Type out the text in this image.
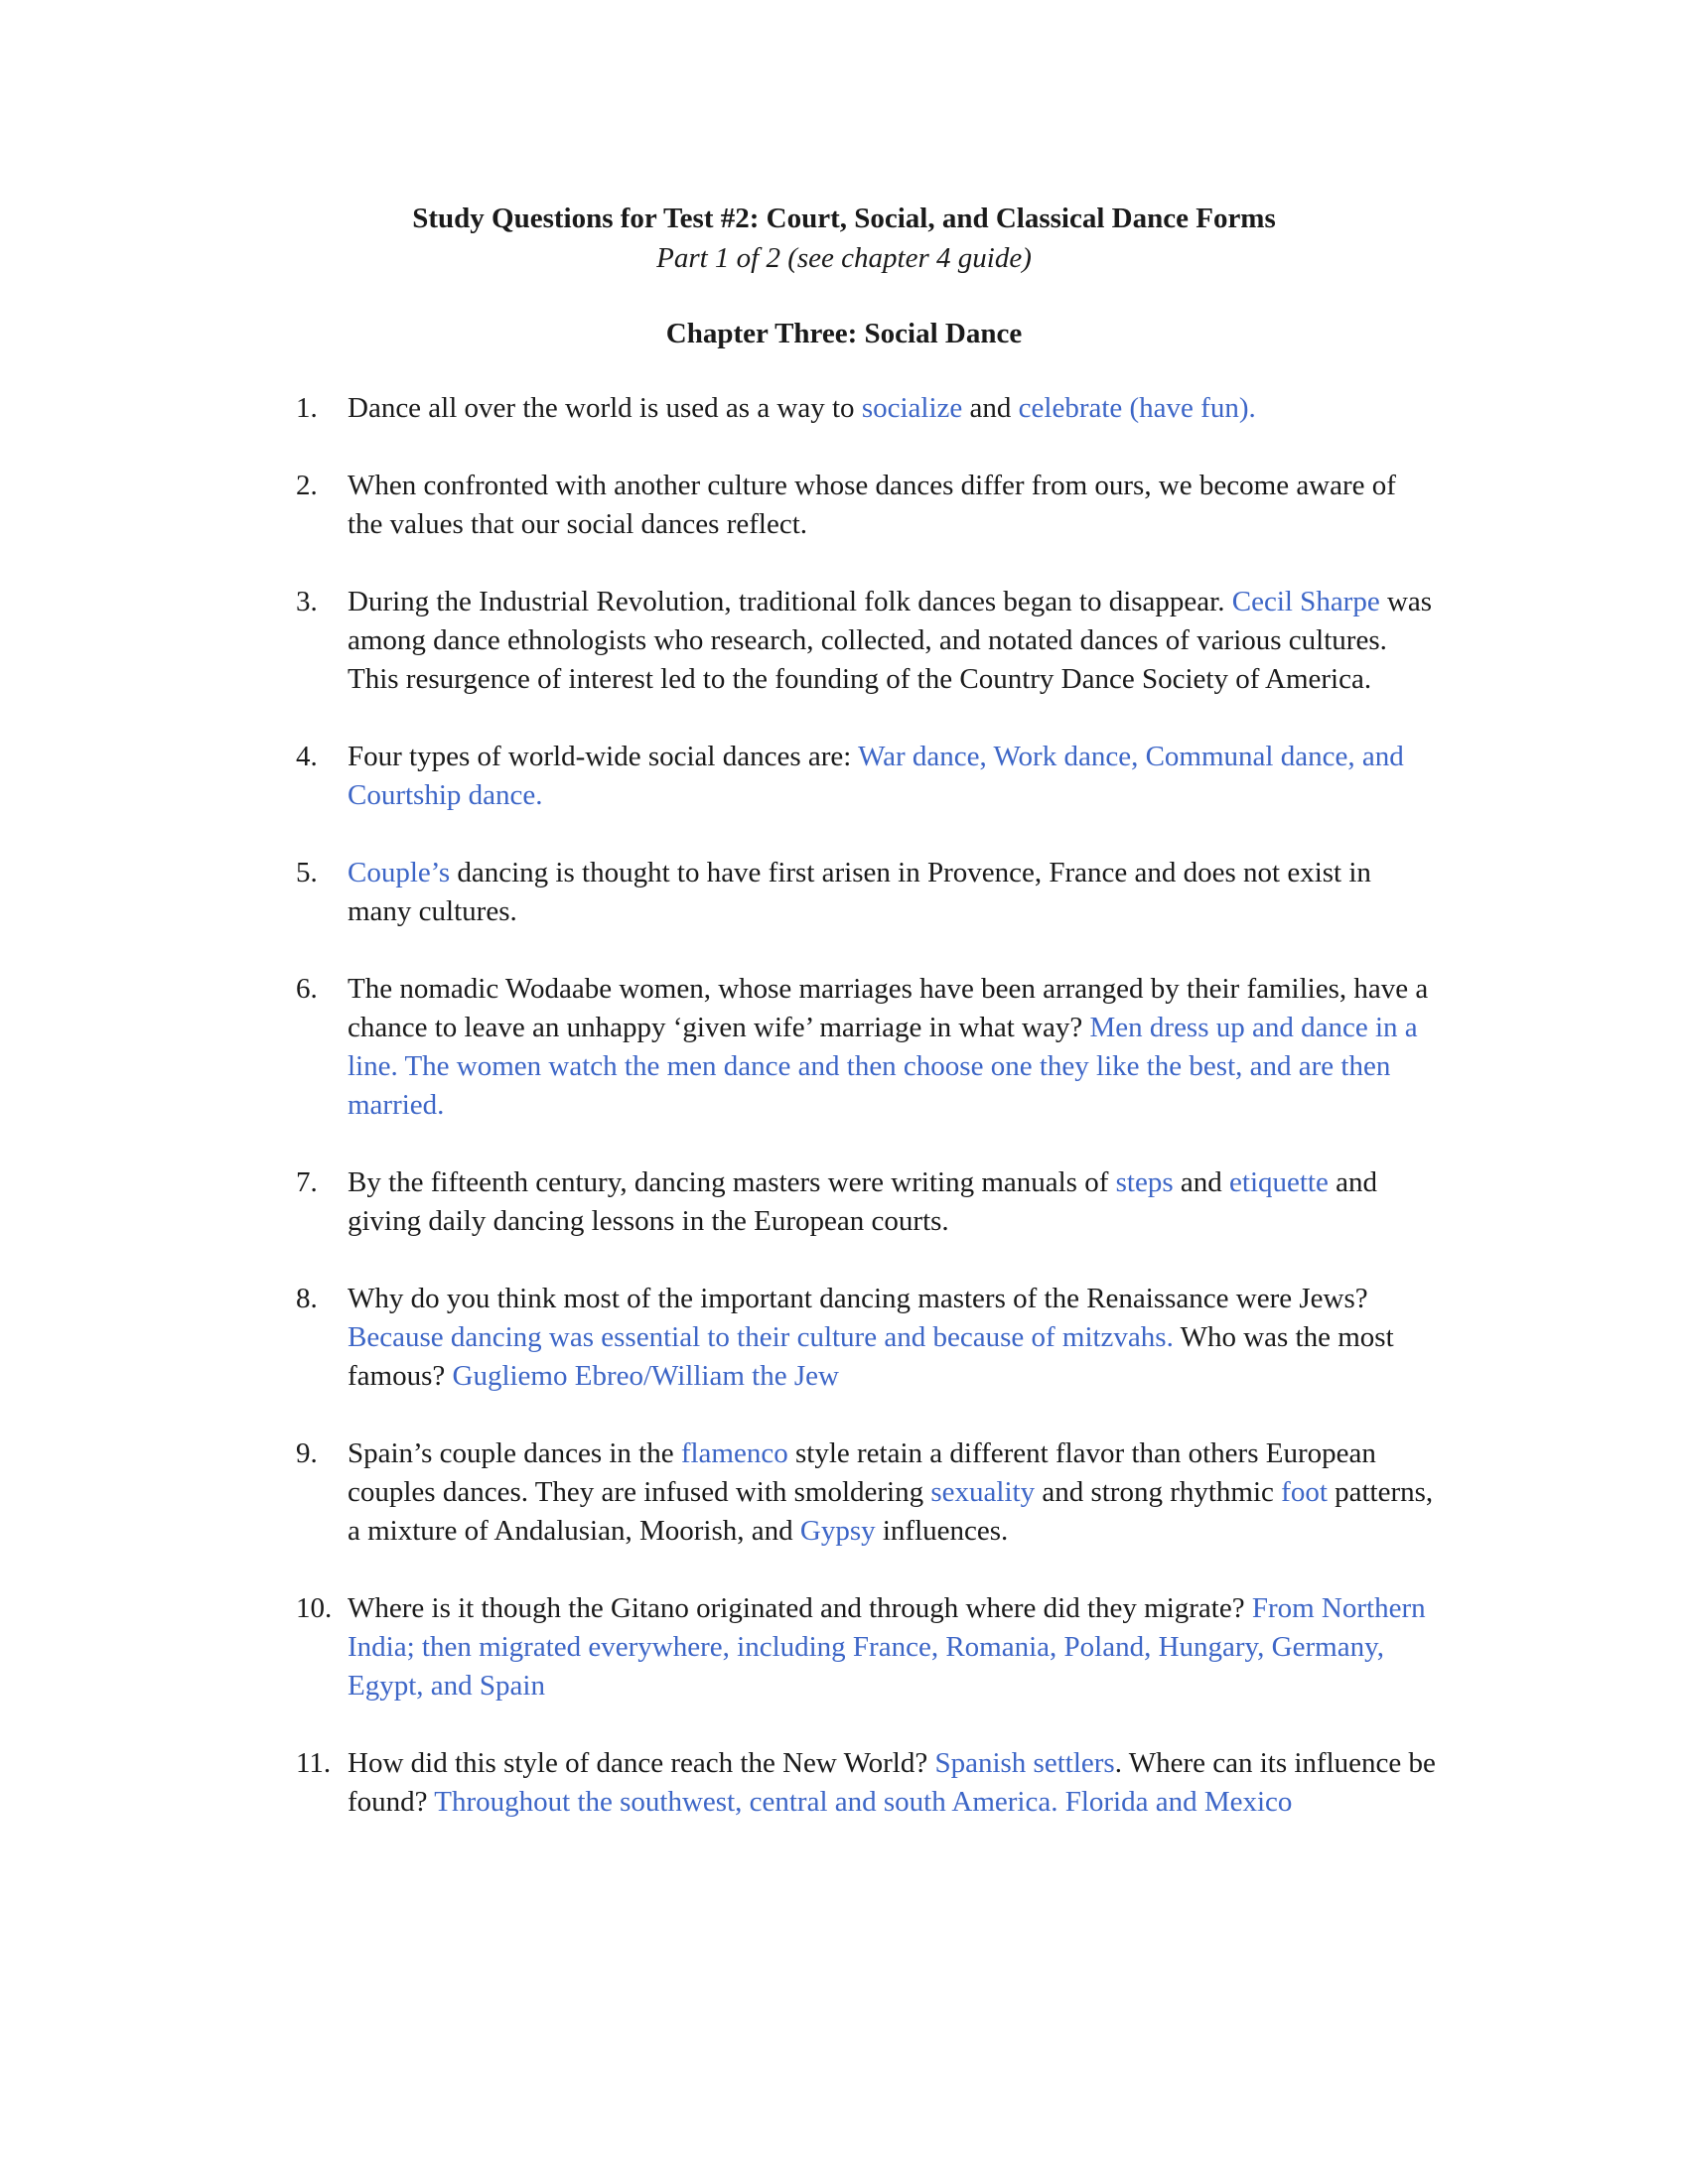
Study Questions for Test #2: Court, Social, and Classical Dance Forms

Part 1 of 2 (see chapter 4 guide)

Chapter Three: Social Dance

1.	Dance all over the world is used as a way to socialize and celebrate (have fun).
2.	When confronted with another culture whose dances differ from ours, we become aware of the values that our social dances reflect.
3.	During the Industrial Revolution, traditional folk dances began to disappear. Cecil Sharpe was among dance ethnologists who research, collected, and notated dances of various cultures. This resurgence of interest led to the founding of the Country Dance Society of America.
4.	Four types of world-wide social dances are: War dance, Work dance, Communal dance, and Courtship dance.
5.	Couple’s dancing is thought to have first arisen in Provence, France and does not exist in many cultures.
6.	The nomadic Wodaabe women, whose marriages have been arranged by their families, have a chance to leave an unhappy ‘given wife’ marriage in what way? Men dress up and dance in a line. The women watch the men dance and then choose one they like the best, and are then married.
7.	By the fifteenth century, dancing masters were writing manuals of steps and etiquette and giving daily dancing lessons in the European courts.
8.	Why do you think most of the important dancing masters of the Renaissance were Jews? Because dancing was essential to their culture and because of mitzvahs. Who was the most famous? Gugliemo Ebreo/William the Jew
9.	Spain’s couple dances in the flamenco style retain a different flavor than others European couples dances. They are infused with smoldering sexuality and strong rhythmic foot patterns, a mixture of Andalusian, Moorish, and Gypsy influences.
10. Where is it though the Gitano originated and through where did they migrate? From Northern India; then migrated everywhere, including France, Romania, Poland, Hungary, Germany, Egypt, and Spain
11. How did this style of dance reach the New World? Spanish settlers. Where can its influence be found? Throughout the southwest, central and south America. Florida and Mexico
